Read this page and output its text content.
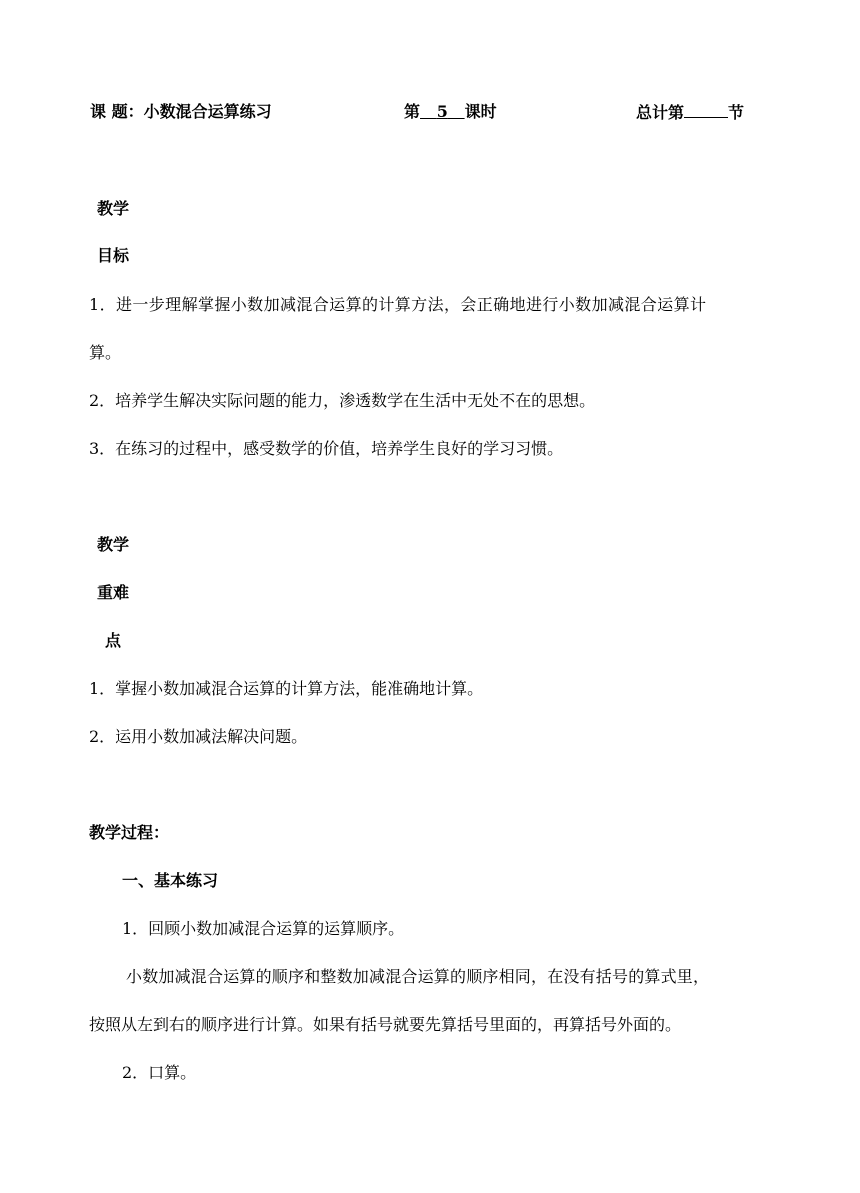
课 题：小数混合运算练习	第 5 课时	总计第	节
教学
目标
1．进一步理解掌握小数加减混合运算的计算方法，会正确地进行小数加减混合运算计
算。
2．培养学生解决实际问题的能力，渗透数学在生活中无处不在的思想。
3．在练习的过程中，感受数学的价值，培养学生良好的学习习惯。
教学
重难
点
1．掌握小数加减混合运算的计算方法，能准确地计算。
2．运用小数加减法解决问题。
教学过程：
一、基本练习
1．回顾小数加减混合运算的运算顺序。
小数加减混合运算的顺序和整数加减混合运算的顺序相同，在没有括号的算式里，
按照从左到右的顺序进行计算。如果有括号就要先算括号里面的，再算括号外面的。
2．口算。
